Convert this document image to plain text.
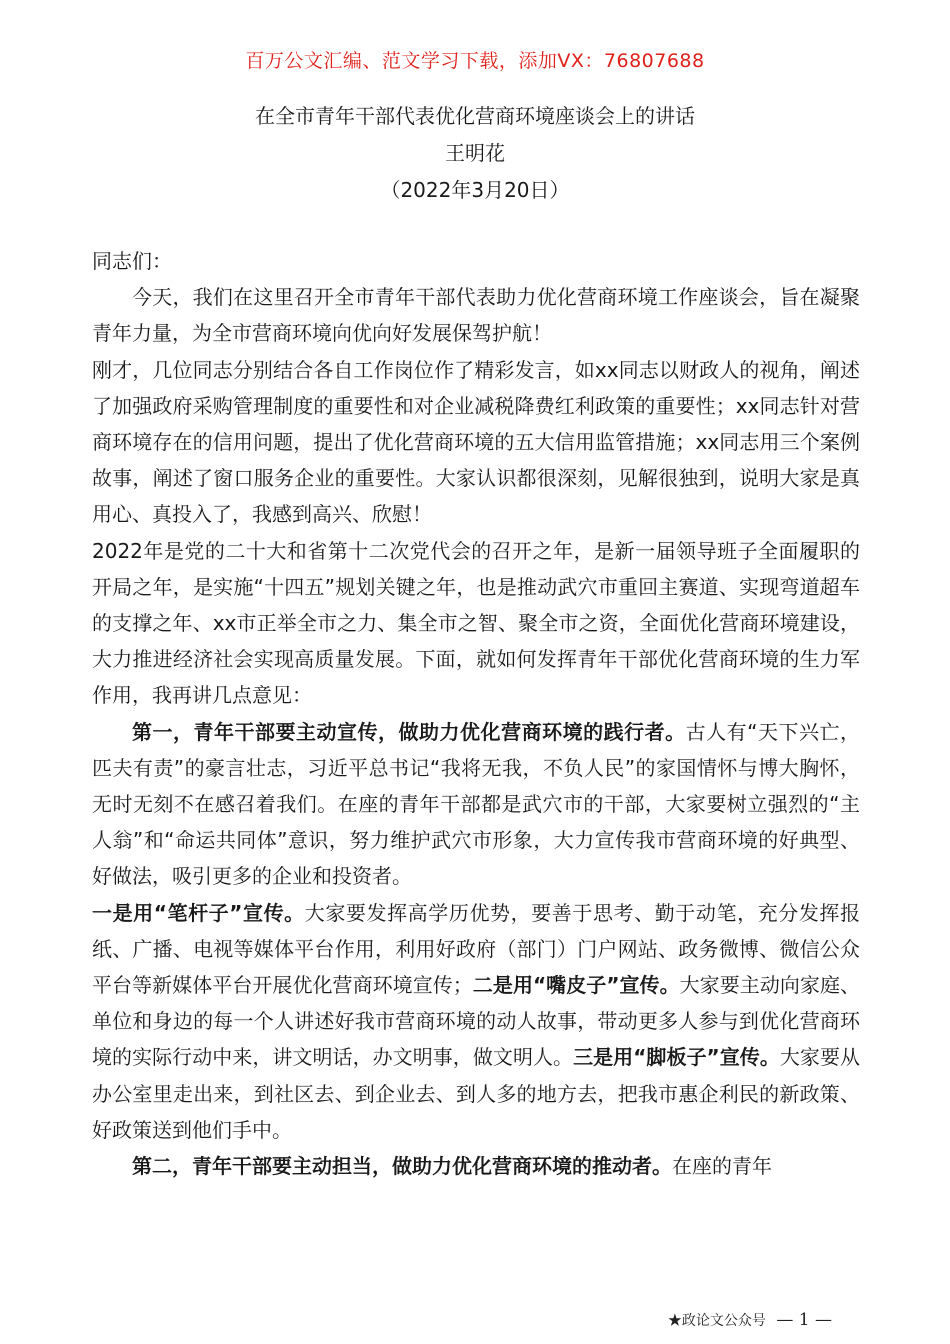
百万公文汇编、范文学习下载，添加VX：76807688
在全市青年干部代表优化营商环境座谈会上的讲话
王明花
（2022年3月20日）

同志们：

今天，我们在这里召开全市青年干部代表助力优化营商环境工作座谈会，旨在凝聚青年力量，为全市营商环境向优向好发展保驾护航！

刚才，几位同志分别结合各自工作岗位作了精彩发言，如xx同志以财政人的视角，阐述了加强政府采购管理制度的重要性和对企业减税降费红利政策的重要性；xx同志针对营商环境存在的信用问题，提出了优化营商环境的五大信用监管措施；xx同志用三个案例故事，阐述了窗口服务企业的重要性。大家认识都很深刻，见解很独到，说明大家是真用心、真投入了，我感到高兴、欣慰！

2022年是党的二十大和省第十二次党代会的召开之年，是新一届领导班子全面履职的开局之年，是实施“十四五”规划关键之年，也是推动武穴市重回主赛道、实现弯道超车的支撑之年、xx市正举全市之力、集全市之智、聚全市之资，全面优化营商环境建设，大力推进经济社会实现高质量发展。下面，就如何发挥青年干部优化营商环境的生力军作用，我再讲几点意见：

第一，青年干部要主动宣传，做助力优化营商环境的践行者。古人有“天下兴亡，匹夫有责”的豪言壮志，习近平总书记“我将无我，不负人民”的家国情怀与博大胸怀，无时无刻不在感召着我们。在座的青年干部都是武穴市的干部，大家要树立强烈的“主人翁”和“命运共同体”意识，努力维护武穴市形象，大力宣传我市营商环境的好典型、好做法，吸引更多的企业和投资者。

一是用“笔杆子”宣传。大家要发挥高学历优势，要善于思考、勤于动笔，充分发挥报纸、广播、电视等媒体平台作用，利用好政府（部门）门户网站、政务微博、微信公众平台等新媒体平台开展优化营商环境宣传；二是用“嘴皮子”宣传。大家要主动向家庭、单位和身边的每一个人讲述好我市营商环境的动人故事，带动更多人参与到优化营商环境的实际行动中来，讲文明话，办文明事，做文明人。三是用“脚板子”宣传。大家要从办公室里走出来，到社区去、到企业去、到人多的地方去，把我市惠企利民的新政策、好政策送到他们手中。

第二，青年干部要主动担当，做助力优化营商环境的推动者。在座的青年

★政论文公众号 — 1 —
